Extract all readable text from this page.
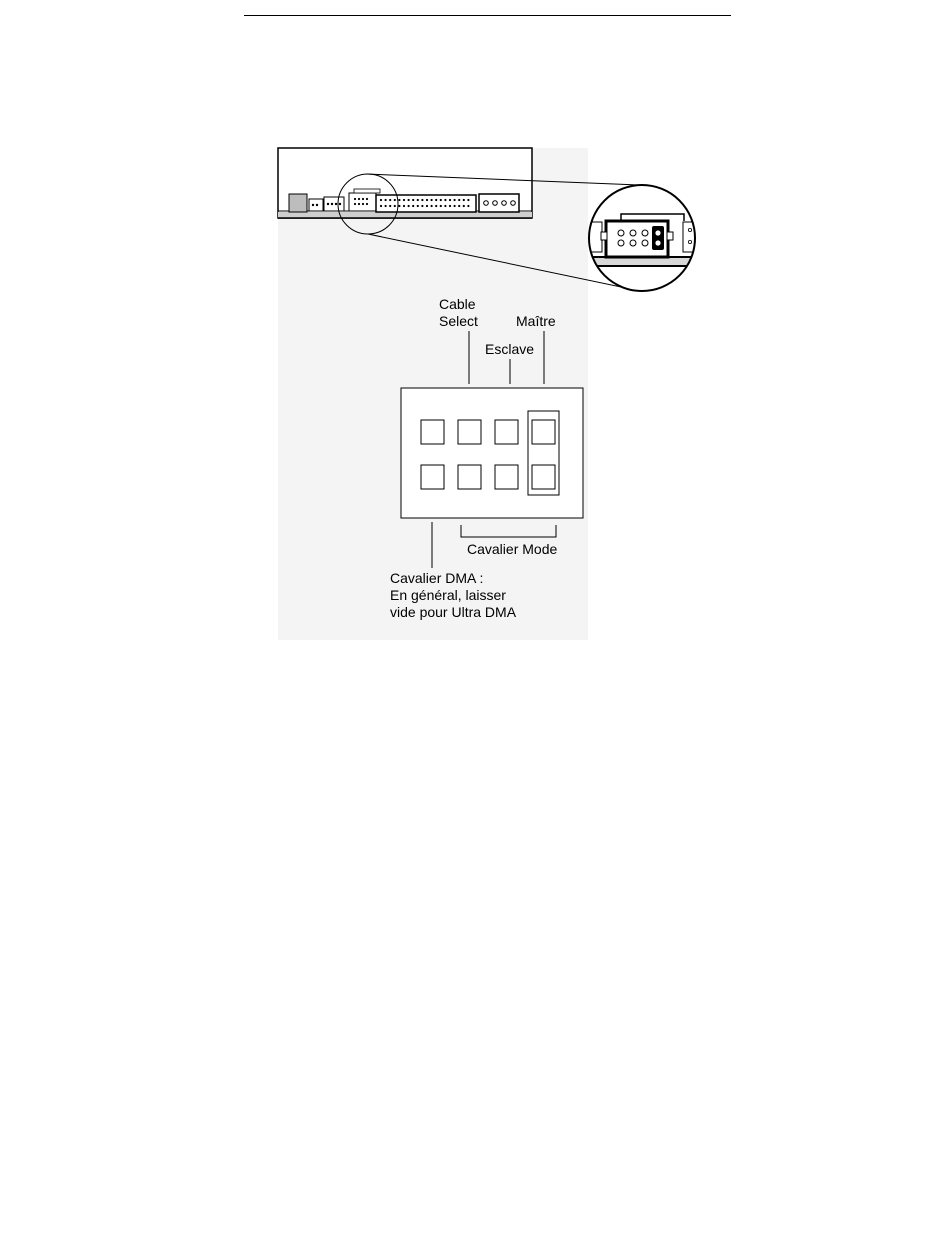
Cable
Select	Maître
Esclave
Cavalier Mode
Cavalier DMA :
En général, laisser
vide pour Ultra DMA
